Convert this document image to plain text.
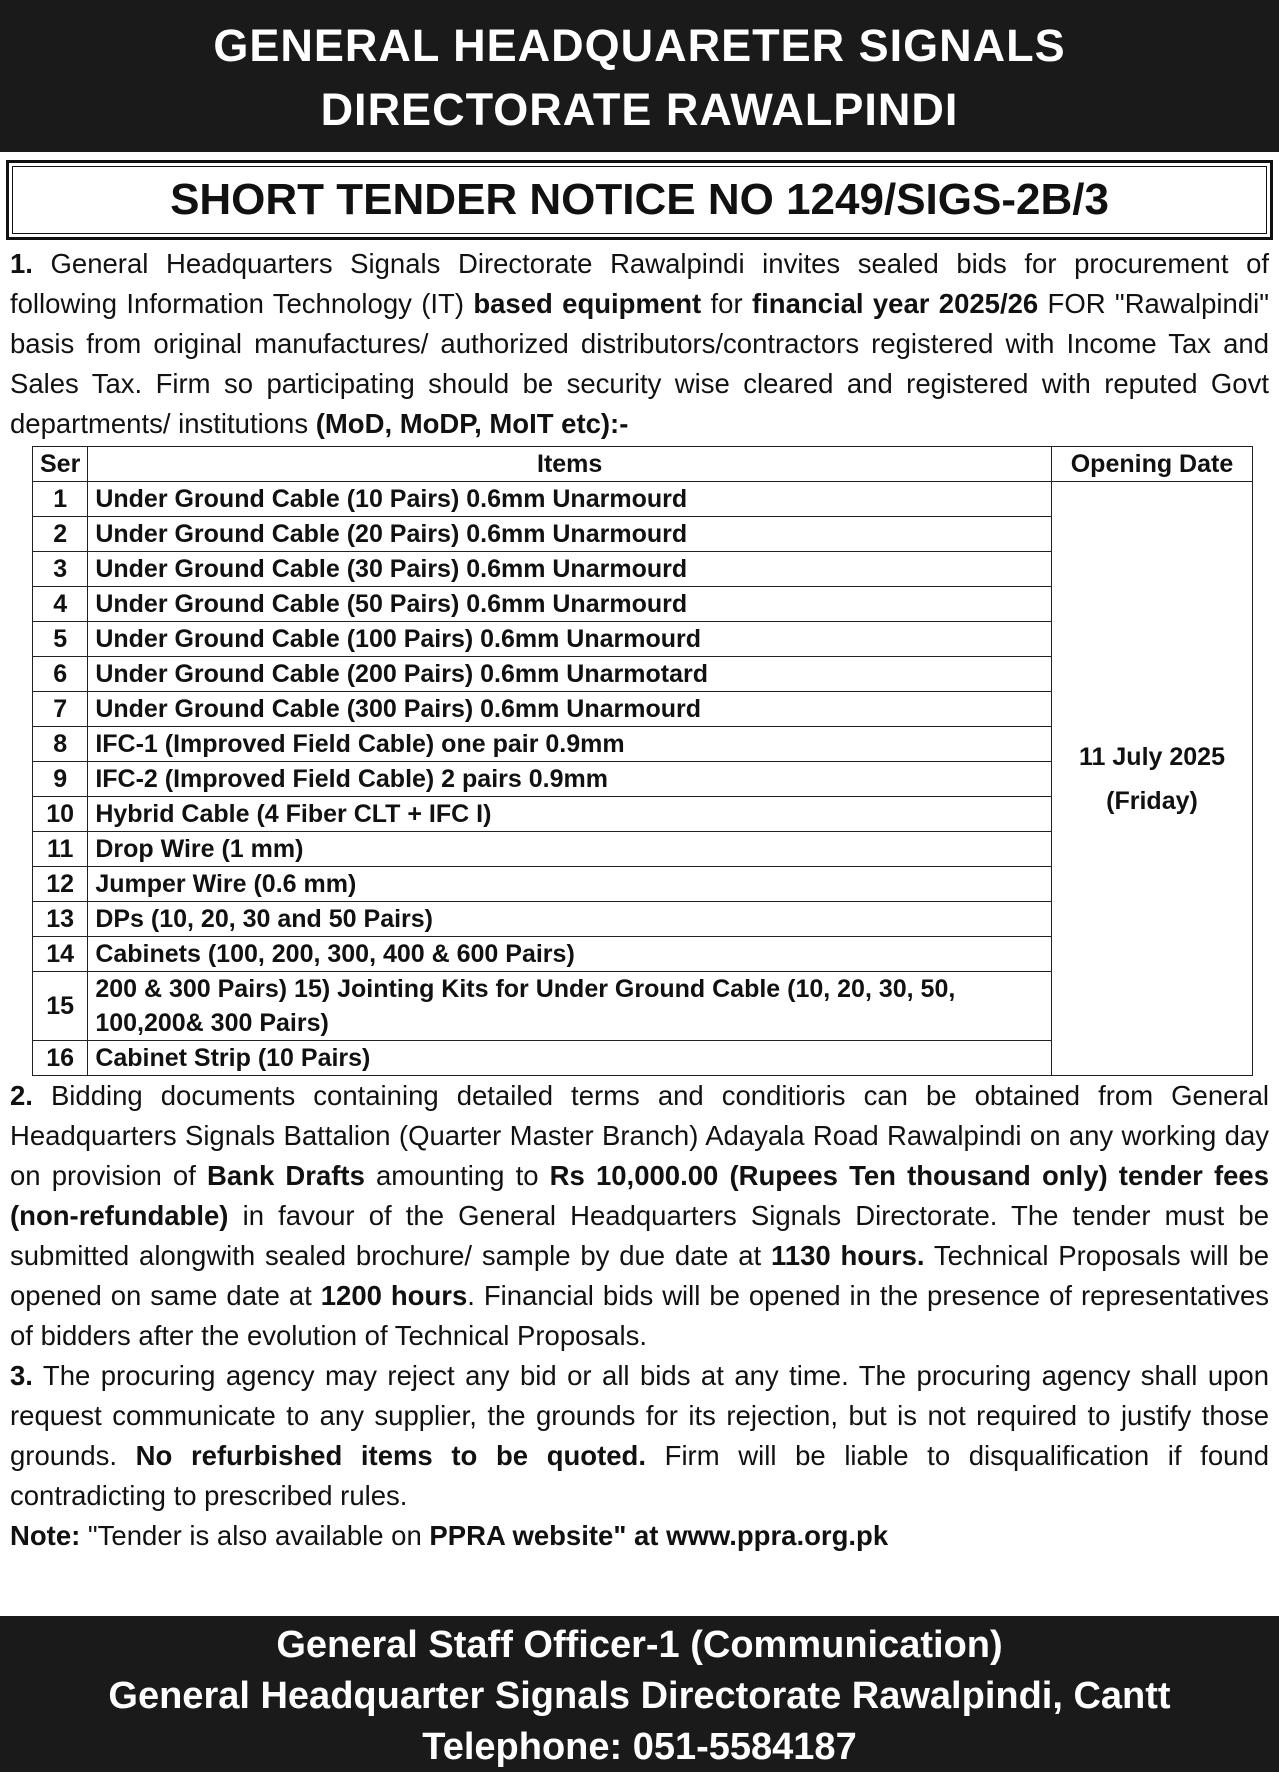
GENERAL HEADQUARETER SIGNALS
DIRECTORATE RAWALPINDI
SHORT TENDER NOTICE NO 1249/SIGS-2B/3
1. General Headquarters Signals Directorate Rawalpindi invites sealed bids for procurement of following Information Technology (IT) based equipment for financial year 2025/26 FOR "Rawalpindi" basis from original manufactures/ authorized distributors/contractors registered with Income Tax and Sales Tax. Firm so participating should be security wise cleared and registered with reputed Govt departments/ institutions (MoD, MoDP, MoIT etc):-
Ser	Items	Opening Date
1	Under Ground Cable (10 Pairs) 0.6mm Unarmourd	11 July 2025
(Friday)

2	Under Ground Cable (20 Pairs) 0.6mm Unarmourd	
3	Under Ground Cable (30 Pairs) 0.6mm Unarmourd	
4	Under Ground Cable (50 Pairs) 0.6mm Unarmourd	
5	Under Ground Cable (100 Pairs) 0.6mm Unarmourd	
6	Under Ground Cable (200 Pairs) 0.6mm Unarmotard	
7	Under Ground Cable (300 Pairs) 0.6mm Unarmourd	
8	IFC-1 (Improved Field Cable) one pair 0.9mm	
9	IFC-2 (Improved Field Cable) 2 pairs 0.9mm	
10	Hybrid Cable (4 Fiber CLT + IFC I)	
11	Drop Wire (1 mm)	
12	Jumper Wire (0.6 mm)	
13	DPs (10, 20, 30 and 50 Pairs)	
14	Cabinets (100, 200, 300, 400 & 600 Pairs)	
15	200 & 300 Pairs) 15) Jointing Kits for Under Ground Cable (10, 20, 30, 50, 100,200& 300 Pairs)	
16	Cabinet Strip (10 Pairs)	
2. Bidding documents containing detailed terms and conditioris can be obtained from General Headquarters Signals Battalion (Quarter Master Branch) Adayala Road Rawalpindi on any working day on provision of Bank Drafts amounting to Rs 10,000.00 (Rupees Ten thousand only) tender fees (non-refundable) in favour of the General Headquarters Signals Directorate. The tender must be submitted alongwith sealed brochure/ sample by due date at 1130 hours. Technical Proposals will be opened on same date at 1200 hours. Financial bids will be opened in the presence of representatives of bidders after the evolution of Technical Proposals.
3. The procuring agency may reject any bid or all bids at any time. The procuring agency shall upon request communicate to any supplier, the grounds for its rejection, but is not required to justify those grounds. No refurbished items to be quoted. Firm will be liable to disqualification if found contradicting to prescribed rules.
Note: "Tender is also available on PPRA website" at www.ppra.org.pk
General Staff Officer-1 (Communication)
General Headquarter Signals Directorate Rawalpindi, Cantt
Telephone: 051-5584187
